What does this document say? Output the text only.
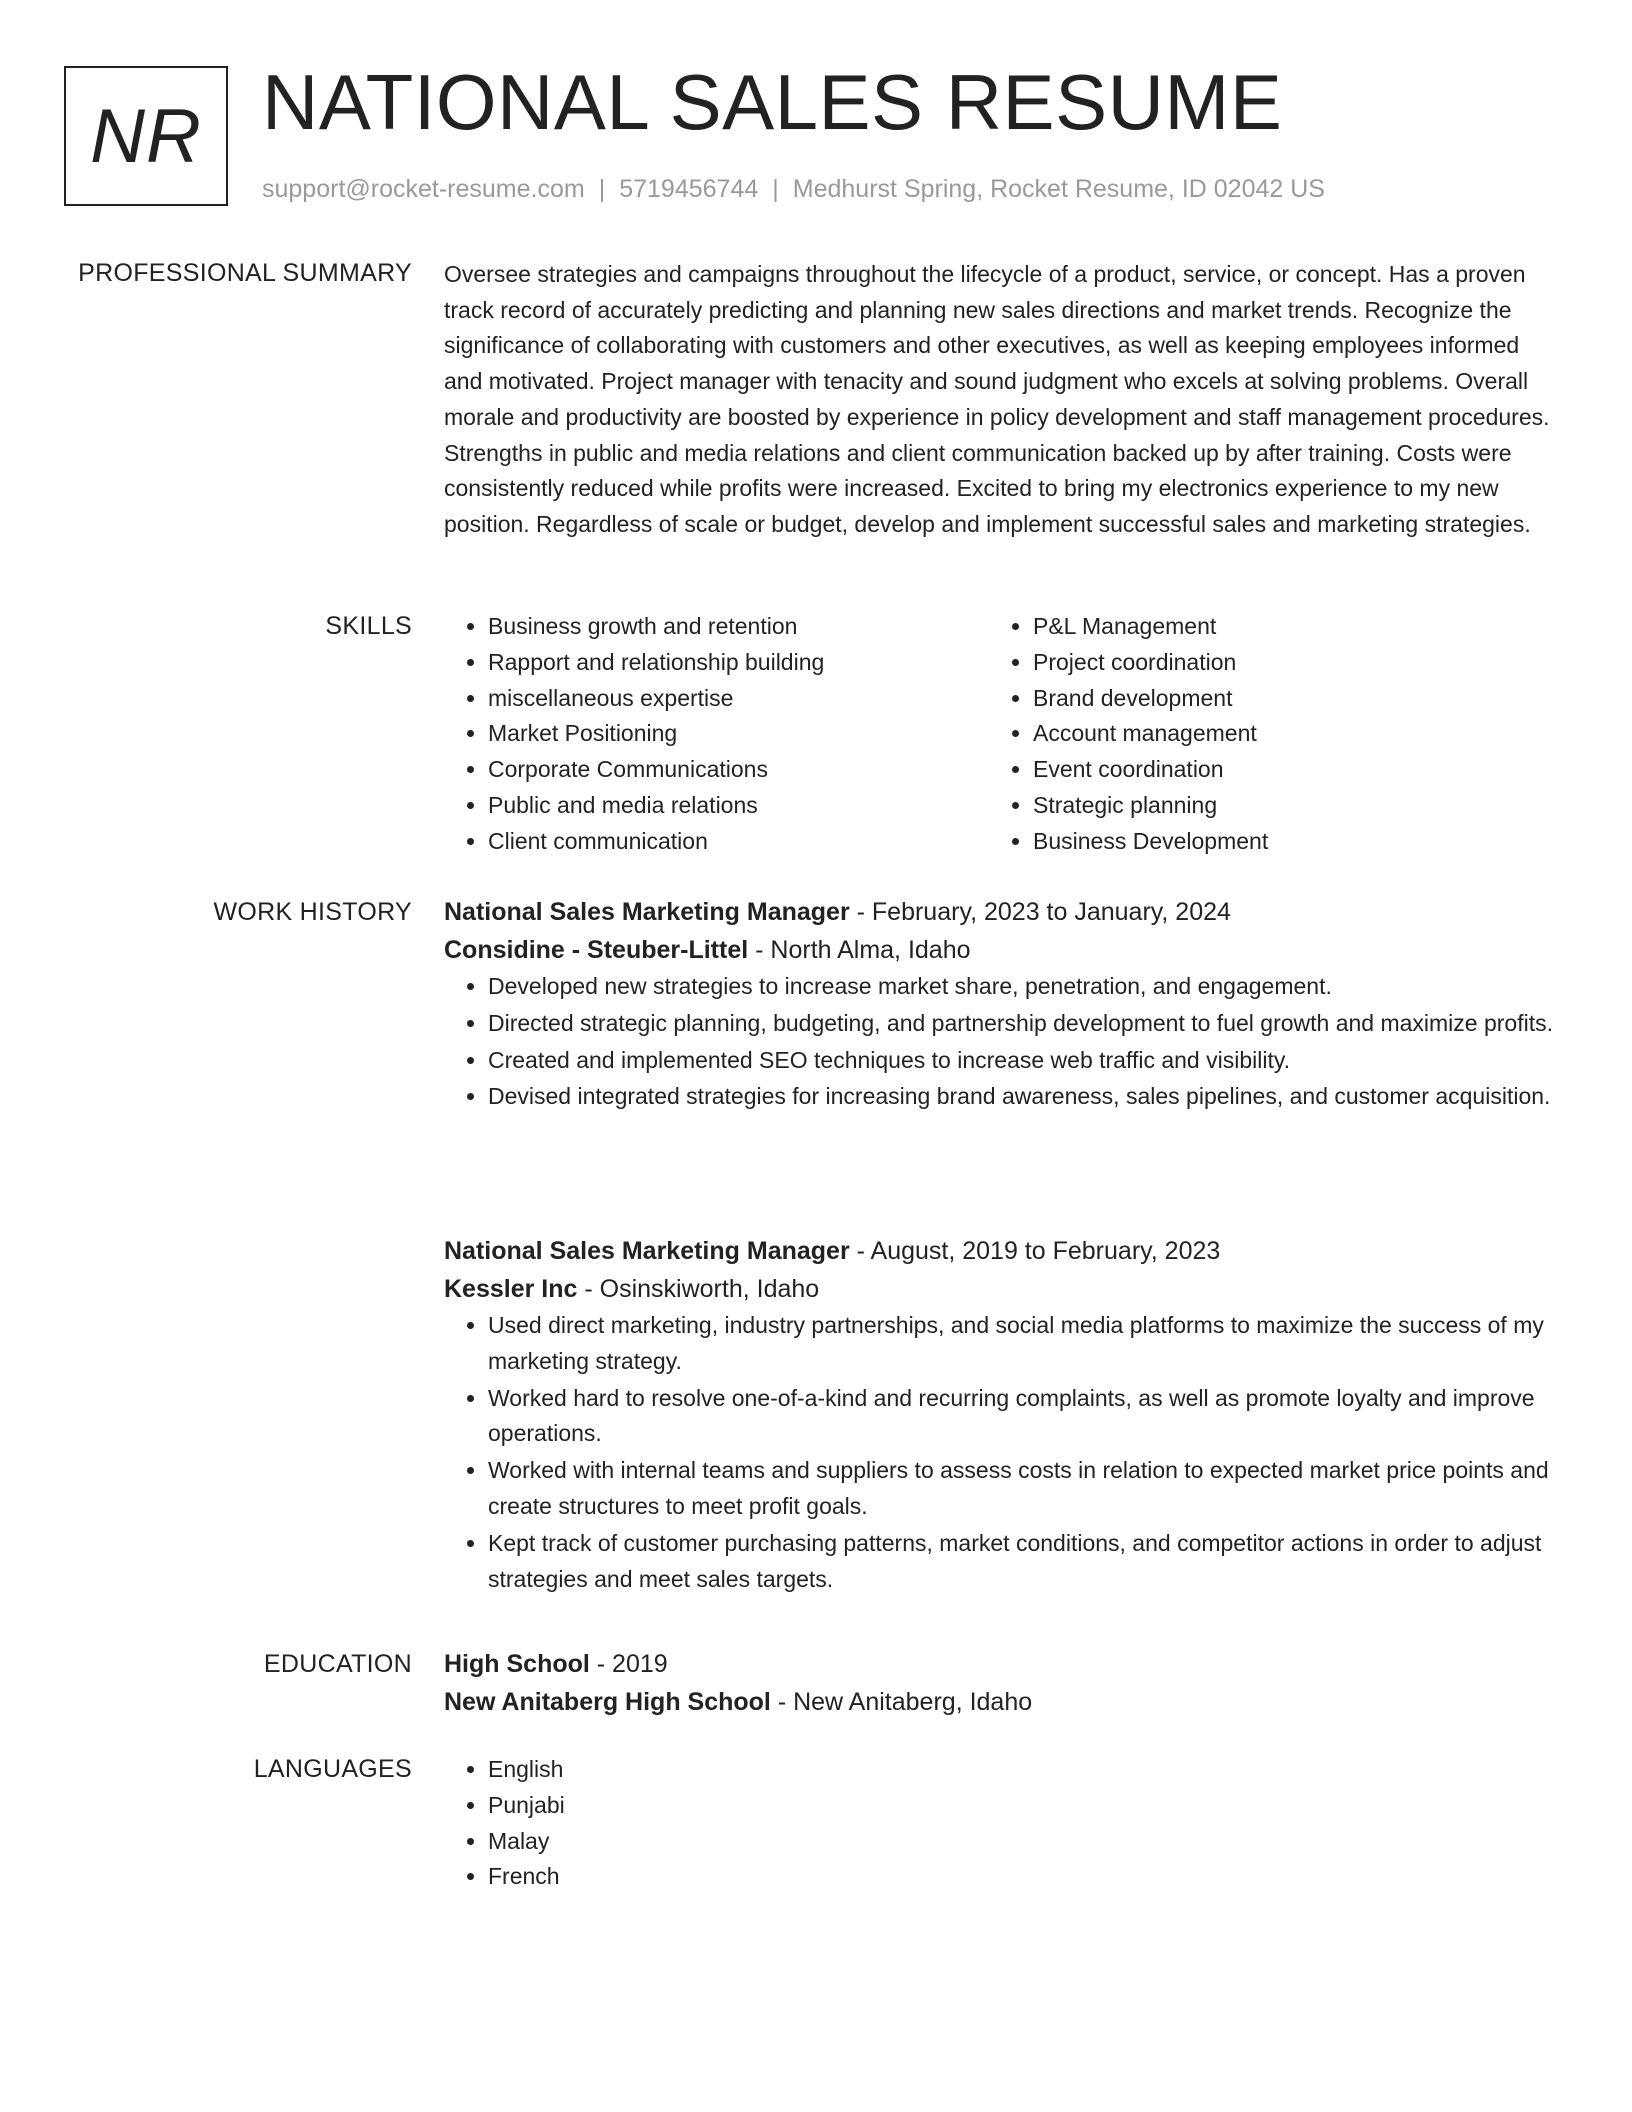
NR NATIONAL SALES RESUME
support@rocket-resume.com | 5719456744 | Medhurst Spring, Rocket Resume, ID 02042 US
PROFESSIONAL SUMMARY Oversee strategies and campaigns throughout the lifecycle of a product, service, or concept. Has a proven track record of accurately predicting and planning new sales directions and market trends. Recognize the significance of collaborating with customers and other executives, as well as keeping employees informed and motivated. Project manager with tenacity and sound judgment who excels at solving problems. Overall morale and productivity are boosted by experience in policy development and staff management procedures. Strengths in public and media relations and client communication backed up by after training. Costs were consistently reduced while profits were increased. Excited to bring my electronics experience to my new position. Regardless of scale or budget, develop and implement successful sales and marketing strategies.

SKILLS	• Business growth and retention
• Rapport and relationship building
• miscellaneous expertise
• Market Positioning
• Corporate Communications
• Public and media relations
• Client communication
• P&L Management
• Project coordination
• Brand development
• Account management
• Event coordination
• Strategic planning
• Business Development
WORK HISTORY National Sales Marketing Manager - February, 2023 to January, 2024
Considine - Steuber-Littel - North Alma, Idaho
• Developed new strategies to increase market share, penetration, and engagement.
• Directed strategic planning, budgeting, and partnership development to fuel growth and maximize profits.
• Created and implemented SEO techniques to increase web traffic and visibility.
• Devised integrated strategies for increasing brand awareness, sales pipelines, and customer acquisition.
National Sales Marketing Manager - August, 2019 to February, 2023
Kessler Inc - Osinskiworth, Idaho
• Used direct marketing, industry partnerships, and social media platforms to maximize the success of my marketing strategy.
• Worked hard to resolve one-of-a-kind and recurring complaints, as well as promote loyalty and improve operations.
• Worked with internal teams and suppliers to assess costs in relation to expected market price points and create structures to meet profit goals.
• Kept track of customer purchasing patterns, market conditions, and competitor actions in order to adjust strategies and meet sales targets.
EDUCATION High School - 2019
New Anitaberg High School - New Anitaberg, Idaho
LANGUAGES	• English
• Punjabi
• Malay
• French
